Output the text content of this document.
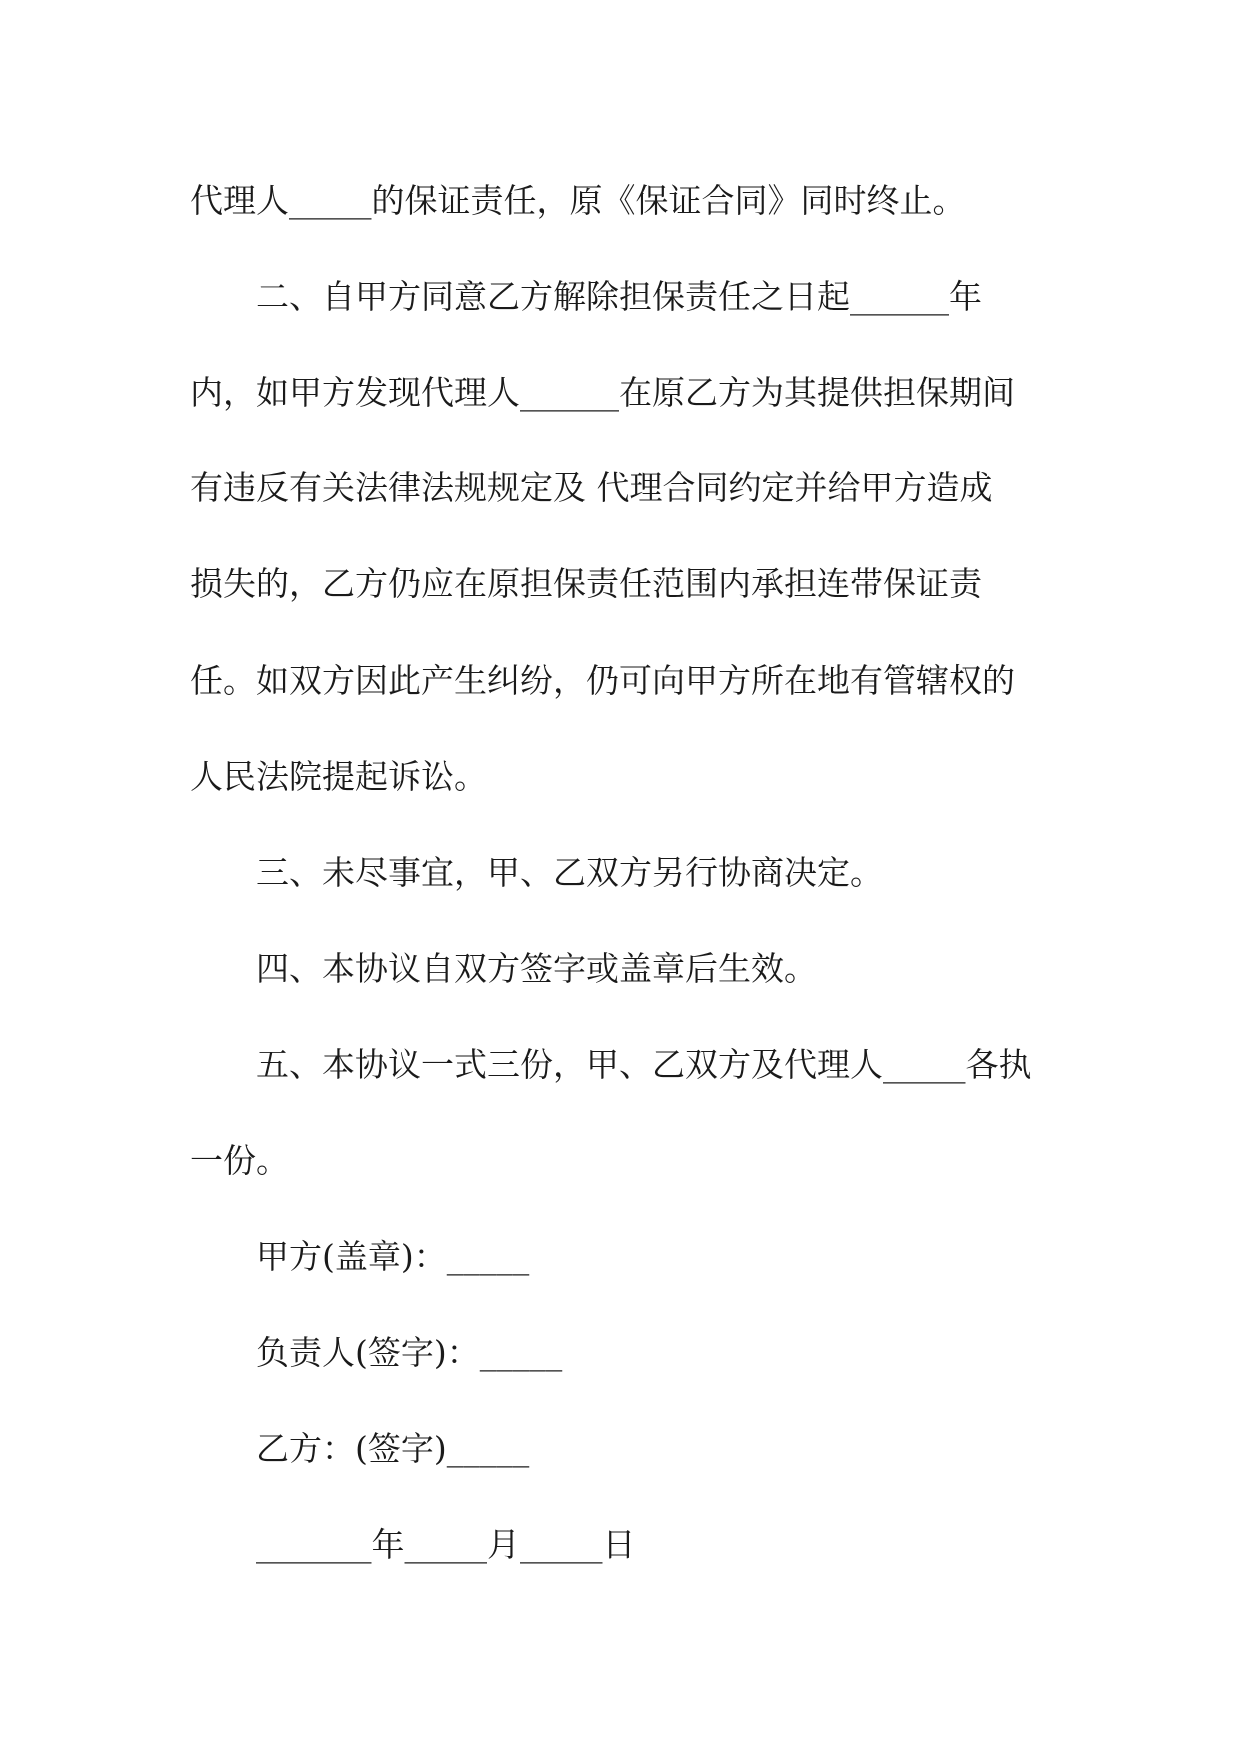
代理人_____的保证责任，原《保证合同》同时终止。
二、自甲方同意乙方解除担保责任之日起______年
内，如甲方发现代理人______在原乙方为其提供担保期间
有违反有关法律法规规定及 代理合同约定并给甲方造成
损失的，乙方仍应在原担保责任范围内承担连带保证责
任。如双方因此产生纠纷，仍可向甲方所在地有管辖权的
人民法院提起诉讼。
三、未尽事宜，甲、乙双方另行协商决定。
四、本协议自双方签字或盖章后生效。
五、本协议一式三份，甲、乙双方及代理人_____各执
一份。
甲方(盖章)：_____
负责人(签字)：_____
乙方：(签字)_____
_______年_____月_____日
